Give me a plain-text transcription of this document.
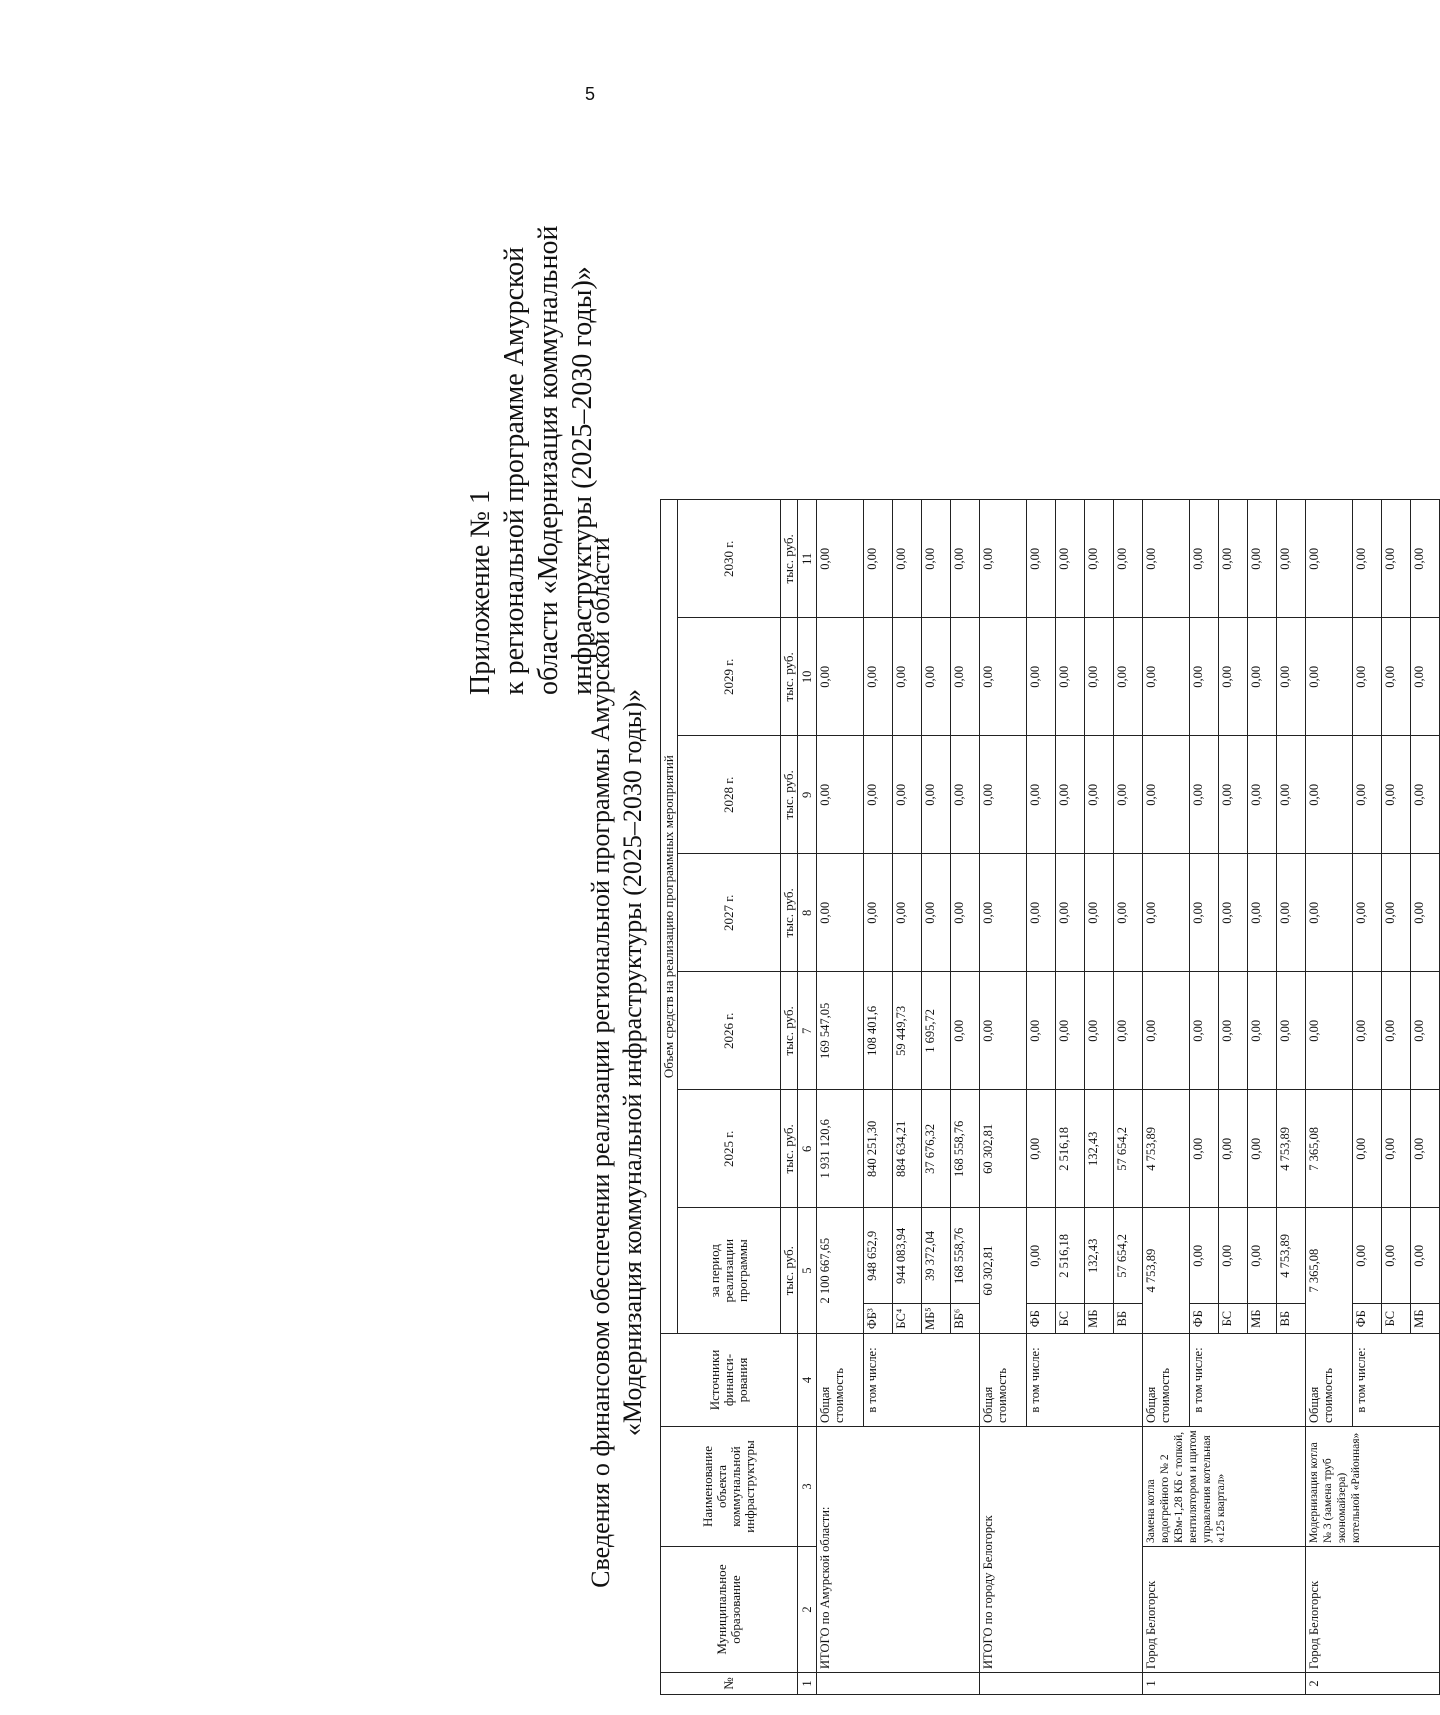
5
Приложение № 1 к региональной программе Амурской области «Модернизация коммунальной инфраструктуры (2025–2030 годы)»
Сведения о финансовом обеспечении реализации региональной программы Амурской области «Модернизация коммунальной инфраструктуры (2025–2030 годы)»
№	Муниципальное образование	Наименование объекта коммунальной инфраструктуры	Источники финанси-рования	Объем средств на реализацию программных мероприятий							
				за период реализации программы		2025 г.	2026 г.	2027 г.	2028 г.	2029 г.	2030 г.
				тыс. руб.		тыс. руб.	тыс. руб.	тыс. руб.	тыс. руб.	тыс. руб.	тыс. руб.
1	2	3	4	5		6	7	8	9	10	11
	ИТОГО по Амурской области:		Общая стоимость	2 100 667,65		1 931 120,6	169 547,05	0,00	0,00	0,00	0,00
			в том числе:	ФБ³	948 652,9	840 251,30	108 401,6	0,00	0,00	0,00	0,00
				БС⁴	944 083,94	884 634,21	59 449,73	0,00	0,00	0,00	0,00
				МБ⁵	39 372,04	37 676,32	1 695,72	0,00	0,00	0,00	0,00
				ВБ⁶	168 558,76	168 558,76	0,00	0,00	0,00	0,00	0,00
	ИТОГО по городу Белогорск		Общая стоимость	60 302,81		60 302,81	0,00	0,00	0,00	0,00	0,00
			в том числе:	ФБ	0,00	0,00	0,00	0,00	0,00	0,00	0,00
				БС	2 516,18	2 516,18	0,00	0,00	0,00	0,00	0,00
				МБ	132,43	132,43	0,00	0,00	0,00	0,00	0,00
				ВБ	57 654,2	57 654,2	0,00	0,00	0,00	0,00	0,00
1	Город Белогорск	Замена котла водогрейного № 2 КВм-1,28 КБ с топкой, вентилятором и щитом управления котельная «125 квартал»	Общая стоимость	4 753,89		4 753,89	0,00	0,00	0,00	0,00	0,00
			в том числе:	ФБ	0,00	0,00	0,00	0,00	0,00	0,00	0,00
				БС	0,00	0,00	0,00	0,00	0,00	0,00	0,00
				МБ	0,00	0,00	0,00	0,00	0,00	0,00	0,00
				ВБ	4 753,89	4 753,89	0,00	0,00	0,00	0,00	0,00
2	Город Белогорск	Модернизация котла № 3 (замена труб экономайзера) котельной «Районная»	Общая стоимость	7 365,08		7 365,08	0,00	0,00	0,00	0,00	0,00
			в том числе:	ФБ	0,00	0,00	0,00	0,00	0,00	0,00	0,00
				БС	0,00	0,00	0,00	0,00	0,00	0,00	0,00
				МБ	0,00	0,00	0,00	0,00	0,00	0,00	0,00
